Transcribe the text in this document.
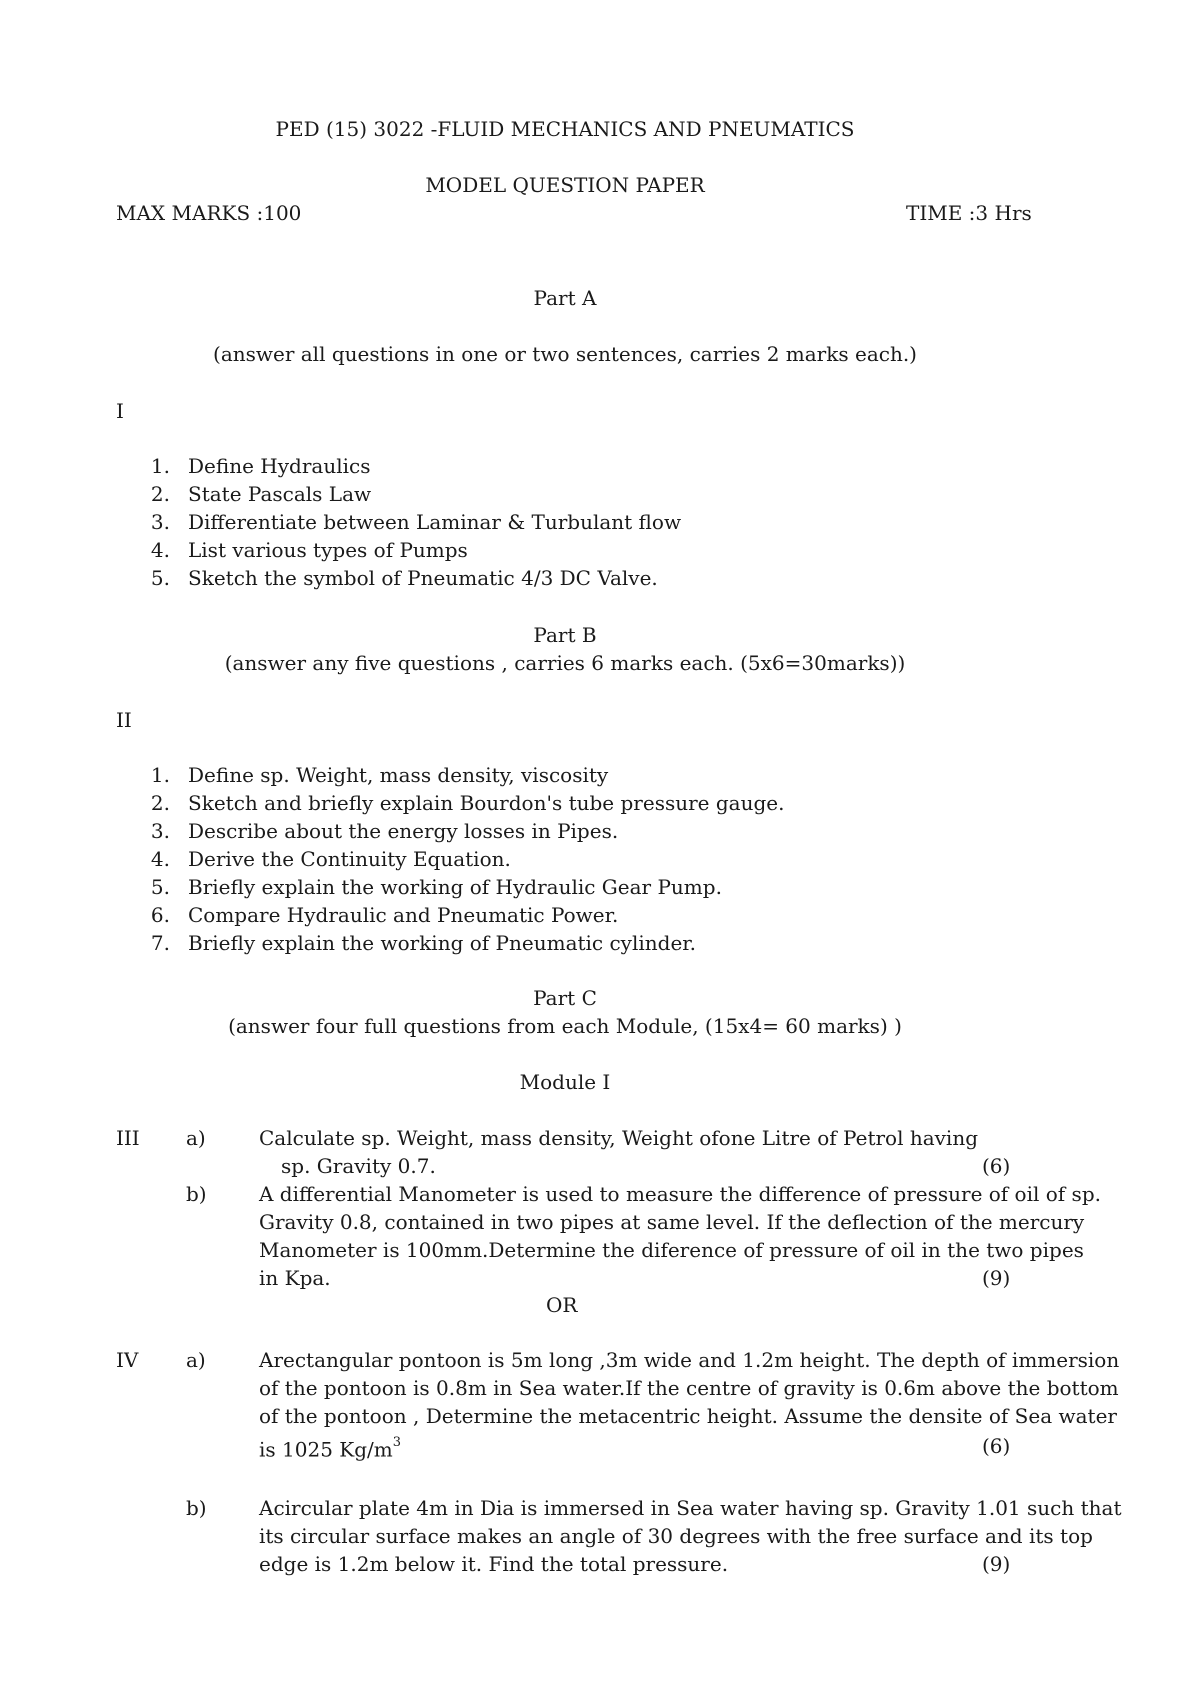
PED (15) 3022 -FLUID MECHANICS AND PNEUMATICS
MODEL QUESTION PAPER
MAX MARKS :100	TIME :3 Hrs
Part A
(answer all questions in one or two sentences, carries 2 marks each.)
I
1. Define Hydraulics
2. State Pascals Law
3. Differentiate between Laminar & Turbulant flow
4. List various types of Pumps
5. Sketch the symbol of Pneumatic 4/3 DC Valve.
Part B
(answer any five questions , carries 6 marks each. (5x6=30marks))
II
1. Define sp. Weight, mass density, viscosity
2. Sketch and briefly explain Bourdon's tube pressure gauge.
3. Describe about the energy losses in Pipes.
4. Derive the Continuity Equation.
5. Briefly explain the working of Hydraulic Gear Pump.
6. Compare Hydraulic and Pneumatic Power.
7. Briefly explain the working of Pneumatic cylinder.
Part C
(answer four full questions from each Module, (15x4= 60 marks) )
Module I
III a)	Calculate sp. Weight, mass density, Weight ofone Litre of Petrol having
sp. Gravity 0.7.	(6)
b)	A differential Manometer is used to measure the difference of pressure of oil of sp.
Gravity 0.8, contained in two pipes at same level. If the deflection of the mercury
Manometer is 100mm.Determine the diference of pressure of oil in the two pipes
in Kpa.	(9)
OR
IV a)	Arectangular pontoon is 5m long ,3m wide and 1.2m height. The depth of immersion
of the pontoon is 0.8m in Sea water.If the centre of gravity is 0.6m above the bottom
of the pontoon , Determine the metacentric height. Assume the densite of Sea water
is 1025 $Kg/m^3$	(6)
b)	Acircular plate 4m in Dia is immersed in Sea water having sp. Gravity 1.01 such that
its circular surface makes an angle of 30 degrees with the free surface and its top
edge is 1.2m below it. Find the total pressure.	(9)
